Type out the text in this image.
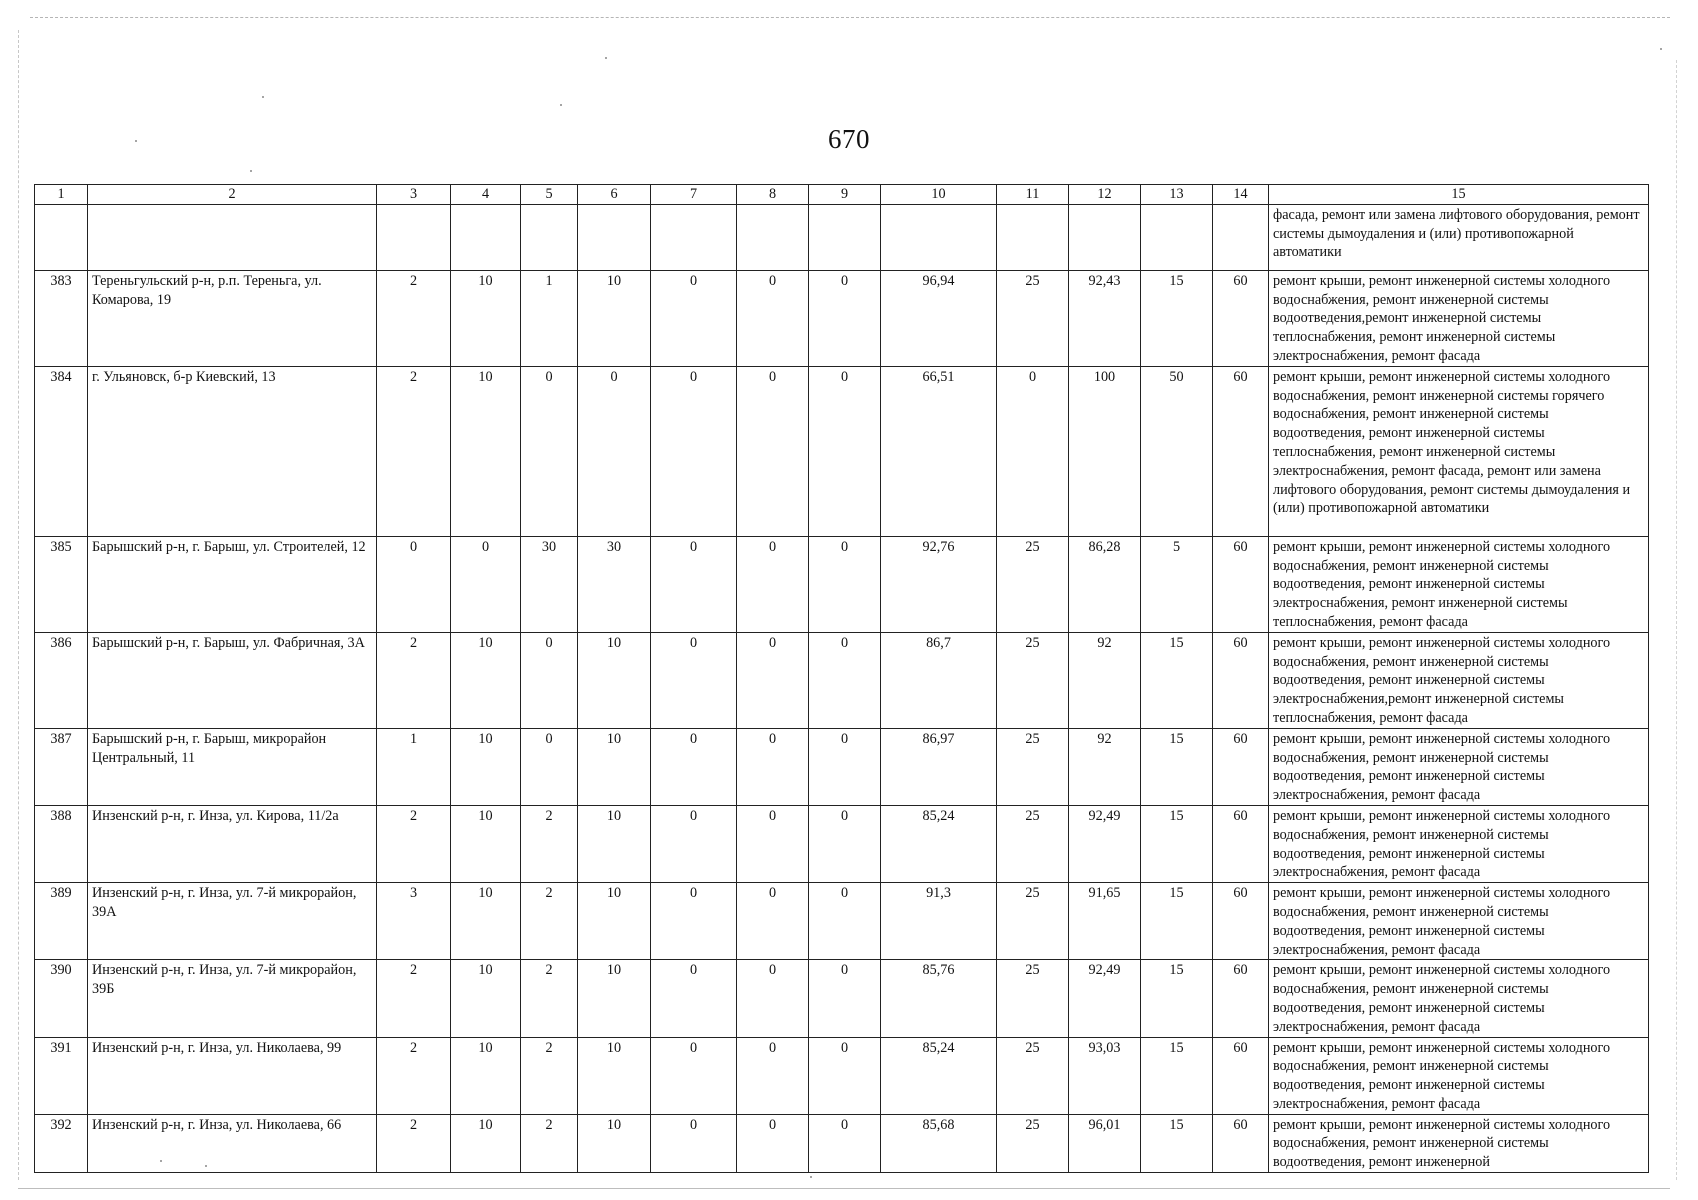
670
1	2	3	4	5	6	7	8	9	10	11	12	13	14	15
														фасада, ремонт или замена лифтового оборудования, ремонт системы дымоудаления и (или) противопожарной автоматики
383	Тереньгульский р-н, р.п. Тереньга, ул. Комарова, 19	2	10	1	10	0	0	0	96,94	25	92,43	15	60	ремонт крыши, ремонт инженерной системы холодного водоснабжения, ремонт инженерной системы водоотведения,ремонт инженерной системы теплоснабжения, ремонт инженерной системы электроснабжения, ремонт фасада
384	г. Ульяновск, б-р Киевский, 13	2	10	0	0	0	0	0	66,51	0	100	50	60	ремонт крыши, ремонт инженерной системы холодного водоснабжения, ремонт инженерной системы горячего водоснабжения, ремонт инженерной системы водоотведения, ремонт инженерной системы теплоснабжения, ремонт инженерной системы электроснабжения, ремонт фасада, ремонт или замена лифтового оборудования, ремонт системы дымоудаления и (или) противопожарной автоматики
385	Барышский р-н, г. Барыш, ул. Строителей, 12	0	0	30	30	0	0	0	92,76	25	86,28	5	60	ремонт крыши, ремонт инженерной системы холодного водоснабжения, ремонт инженерной системы водоотведения, ремонт инженерной системы электроснабжения, ремонт инженерной системы теплоснабжения, ремонт фасада
386	Барышский р-н, г. Барыш, ул. Фабричная, 3А	2	10	0	10	0	0	0	86,7	25	92	15	60	ремонт крыши, ремонт инженерной системы холодного водоснабжения, ремонт инженерной системы водоотведения, ремонт инженерной системы электроснабжения,ремонт инженерной системы теплоснабжения, ремонт фасада
387	Барышский р-н, г. Барыш, микрорайон Центральный, 11	1	10	0	10	0	0	0	86,97	25	92	15	60	ремонт крыши, ремонт инженерной системы холодного водоснабжения, ремонт инженерной системы водоотведения, ремонт инженерной системы электроснабжения, ремонт фасада
388	Инзенский р-н, г. Инза, ул. Кирова, 11/2а	2	10	2	10	0	0	0	85,24	25	92,49	15	60	ремонт крыши, ремонт инженерной системы холодного водоснабжения, ремонт инженерной системы водоотведения, ремонт инженерной системы электроснабжения, ремонт фасада
389	Инзенский р-н, г. Инза, ул. 7-й микрорайон, 39А	3	10	2	10	0	0	0	91,3	25	91,65	15	60	ремонт крыши, ремонт инженерной системы холодного водоснабжения, ремонт инженерной системы водоотведения, ремонт инженерной системы электроснабжения, ремонт фасада
390	Инзенский р-н, г. Инза, ул. 7-й микрорайон, 39Б	2	10	2	10	0	0	0	85,76	25	92,49	15	60	ремонт крыши, ремонт инженерной системы холодного водоснабжения, ремонт инженерной системы водоотведения, ремонт инженерной системы электроснабжения, ремонт фасада
391	Инзенский р-н, г. Инза, ул. Николаева, 99	2	10	2	10	0	0	0	85,24	25	93,03	15	60	ремонт крыши, ремонт инженерной системы холодного водоснабжения, ремонт инженерной системы водоотведения, ремонт инженерной системы электроснабжения, ремонт фасада
392	Инзенский р-н, г. Инза, ул. Николаева, 66	2	10	2	10	0	0	0	85,68	25	96,01	15	60	ремонт крыши, ремонт инженерной системы холодного водоснабжения, ремонт инженерной системы водоотведения, ремонт инженерной
